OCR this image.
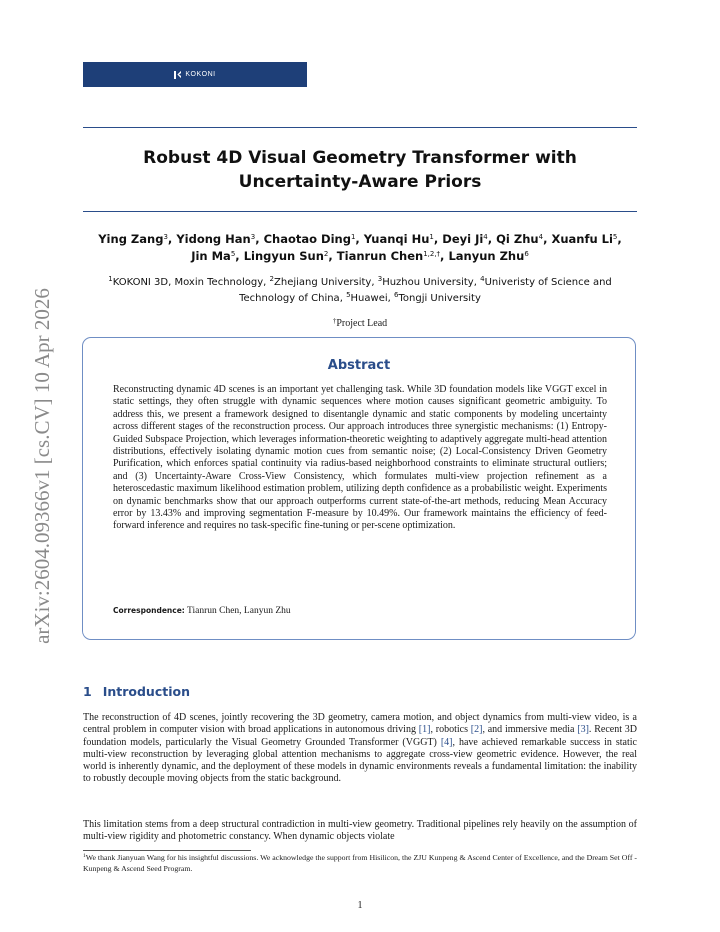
KOKONI
Robust 4D Visual Geometry Transformer with
Uncertainty-Aware Priors
Ying Zang$^3$, Yidong Han$^3$, Chaotao Ding$^1$, Yuanqi Hu$^1$, Deyi Ji$^4$, Qi Zhu$^4$, Xuanfu Li$^5$, Jin Ma$^5$, Lingyun Sun$^2$, Tianrun Chen$^{1,2,\dagger}$, Lanyun Zhu$^6$
$^1$KOKONI 3D, Moxin Technology, $^2$Zhejiang University, $^3$Huzhou University, $^4$Univeristy of Science and Technology of China, $^5$Huawei, $^6$Tongji University
†Project Lead
Abstract
Reconstructing dynamic 4D scenes is an important yet challenging task. While 3D foundation models like VGGT excel in static settings, they often struggle with dynamic sequences where motion causes significant geometric ambiguity. To address this, we present a framework designed to disentangle dynamic and static components by modeling uncertainty across different stages of the reconstruction process. Our approach introduces three synergistic mechanisms: (1) Entropy-Guided Subspace Projection, which leverages information-theoretic weighting to adaptively aggregate multi-head attention distributions, effectively isolating dynamic motion cues from semantic noise; (2) Local-Consistency Driven Geometry Purification, which enforces spatial continuity via radius-based neighborhood constraints to eliminate structural outliers; and (3) Uncertainty-Aware Cross-View Consistency, which formulates multi-view projection refinement as a heteroscedastic maximum likelihood estimation problem, utilizing depth confidence as a probabilistic weight. Experiments on dynamic benchmarks show that our approach outperforms current state-of-the-art methods, reducing Mean Accuracy error by 13.43% and improving segmentation F-measure by 10.49%. Our framework maintains the efficiency of feed-forward inference and requires no task-specific fine-tuning or per-scene optimization.
Correspondence: Tianrun Chen, Lanyun Zhu
arXiv:2604.09366v1 [cs.CV] 10 Apr 2026
1 Introduction
The reconstruction of 4D scenes, jointly recovering the 3D geometry, camera motion, and object dynamics from multi-view video, is a central problem in computer vision with broad applications in autonomous driving [1], robotics [2], and immersive media [3]. Recent 3D foundation models, particularly the Visual Geometry Grounded Transformer (VGGT) [4], have achieved remarkable success in static multi-view reconstruction by leveraging global attention mechanisms to aggregate cross-view geometric evidence. However, the real world is inherently dynamic, and the deployment of these models in dynamic environments reveals a fundamental limitation: the inability to robustly decouple moving objects from the static background.
This limitation stems from a deep structural contradiction in multi-view geometry. Traditional pipelines rely heavily on the assumption of multi-view rigidity and photometric constancy. When dynamic objects violate
$^1$We thank Jianyuan Wang for his insightful discussions. We acknowledge the support from Hisilicon, the ZJU Kunpeng & Ascend Center of Excellence, and the Dream Set Off - Kunpeng & Ascend Seed Program.
1
